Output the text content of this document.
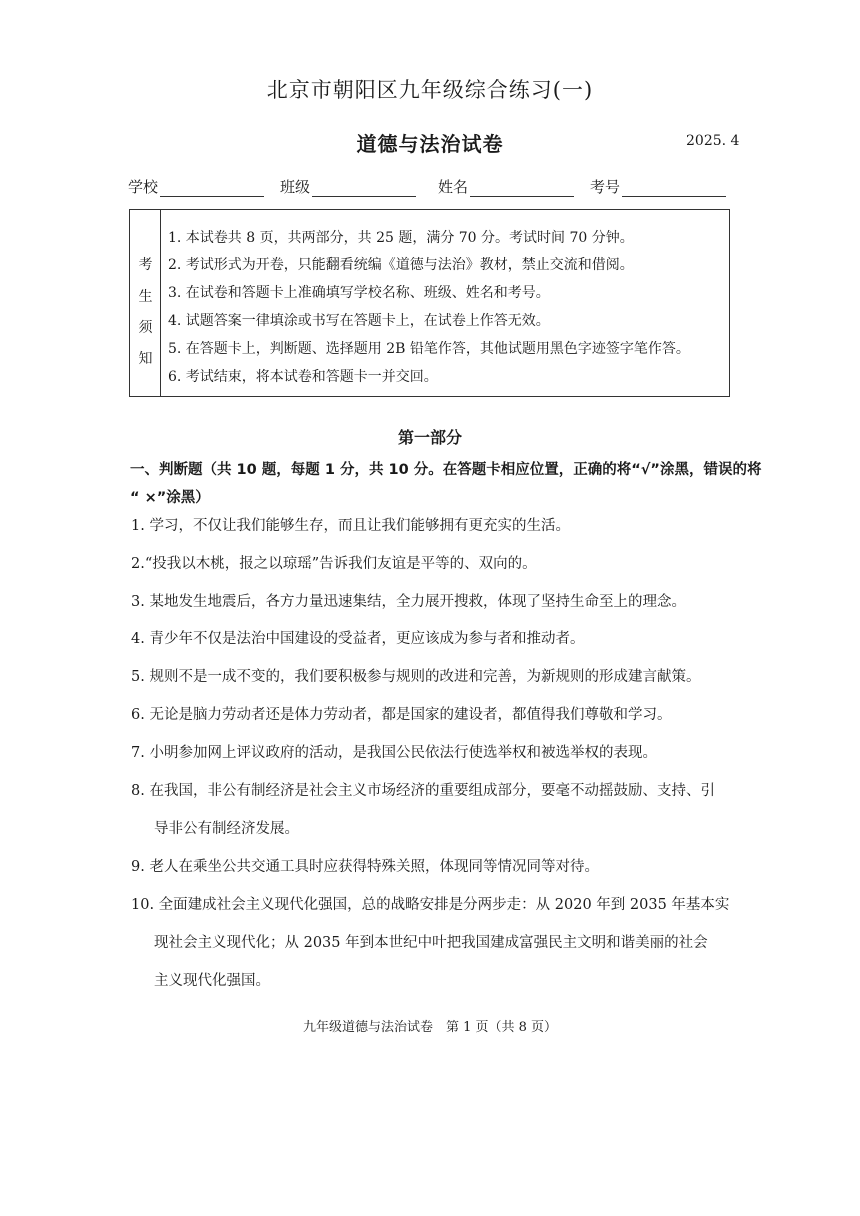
北京市朝阳区九年级综合练习(一)
道德与法治试卷	2025. 4
学校	班级	姓名	考号
考
生
须
知
1. 本试卷共 8 页，共两部分，共 25 题，满分 70 分。考试时间 70 分钟。
2. 考试形式为开卷，只能翻看统编《道德与法治》教材，禁止交流和借阅。
3. 在试卷和答题卡上准确填写学校名称、班级、姓名和考号。
4. 试题答案一律填涂或书写在答题卡上，在试卷上作答无效。
5. 在答题卡上，判断题、选择题用 2B 铅笔作答，其他试题用黑色字迹签字笔作答。
6. 考试结束，将本试卷和答题卡一并交回。
第一部分
一、判断题（共 10 题，每题 1 分，共 10 分。在答题卡相应位置，正确的将“√”涂黑，错误的将
“ ×”涂黑）
1. 学习，不仅让我们能够生存，而且让我们能够拥有更充实的生活。
2.“投我以木桃，报之以琼瑶”告诉我们友谊是平等的、双向的。
3. 某地发生地震后，各方力量迅速集结，全力展开搜救，体现了坚持生命至上的理念。
4. 青少年不仅是法治中国建设的受益者，更应该成为参与者和推动者。
5. 规则不是一成不变的，我们要积极参与规则的改进和完善，为新规则的形成建言献策。
6. 无论是脑力劳动者还是体力劳动者，都是国家的建设者，都值得我们尊敬和学习。
7. 小明参加网上评议政府的活动，是我国公民依法行使选举权和被选举权的表现。
8. 在我国，非公有制经济是社会主义市场经济的重要组成部分，要毫不动摇鼓励、支持、引
导非公有制经济发展。
9. 老人在乘坐公共交通工具时应获得特殊关照，体现同等情况同等对待。
10. 全面建成社会主义现代化强国，总的战略安排是分两步走：从 2020 年到 2035 年基本实
现社会主义现代化；从 2035 年到本世纪中叶把我国建成富强民主文明和谐美丽的社会
主义现代化强国。
九年级道德与法治试卷　第 1 页（共 8 页）
